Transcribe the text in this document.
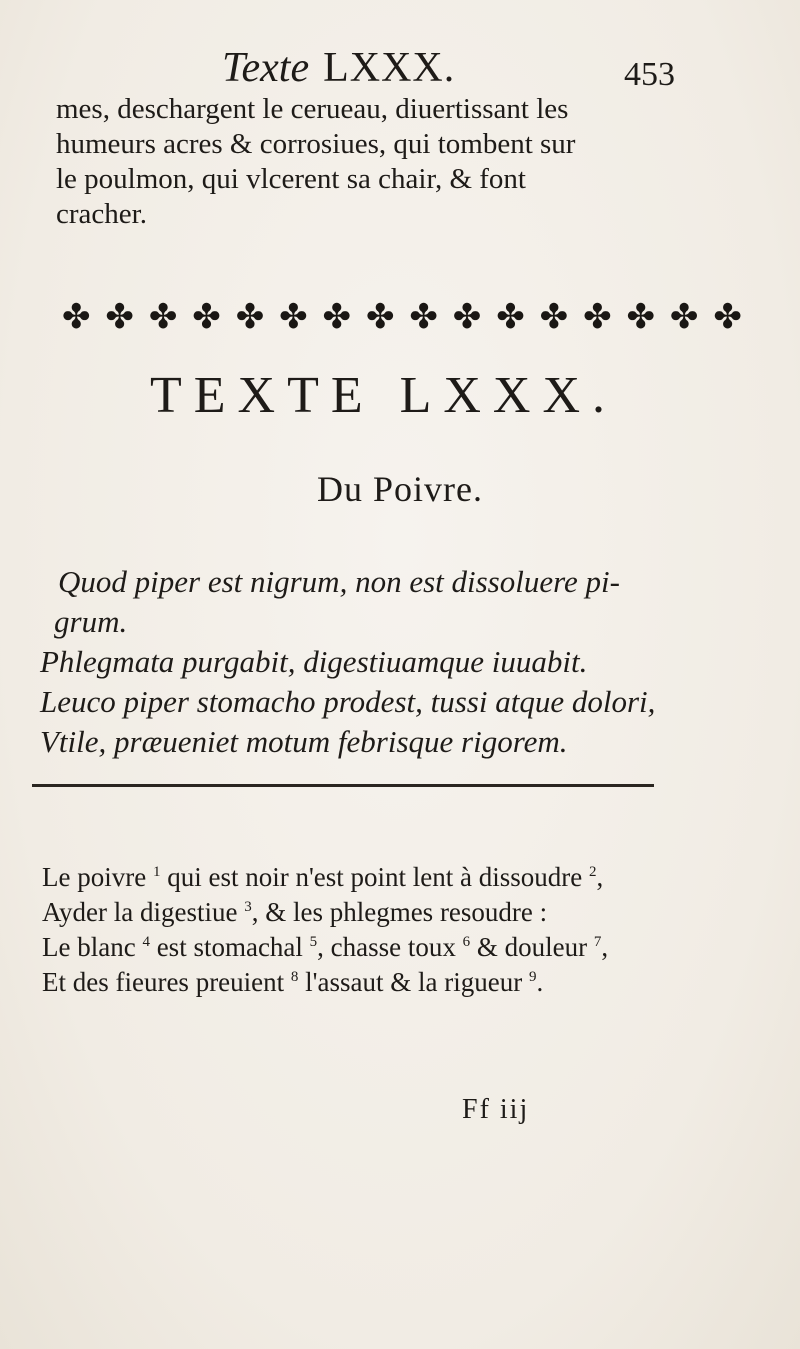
Texte LXXX.	453
mes, deschargent le cerueau, diuertissant les
humeurs acres & corrosiues, qui tombent sur
le poulmon, qui vlcerent sa chair, & font
cracher.
✤ ✤ ✤ ✤ ✤ ✤ ✤ ✤ ✤ ✤ ✤ ✤ ✤ ✤ ✤ ✤
TEXTE LXXX.
Du Poivre.
Quod piper est nigrum, non est dissoluere pi-
grum.
Phlegmata purgabit, digestiuamque iuuabit.
Leuco piper stomacho prodest, tussi atque dolori,
Vtile, præueniet motum febrisque rigorem.
Le poivre $^1$ qui est noir n'est point lent à dissoudre $^2$,
Ayder la digestiue $^3$, & les phlegmes resoudre :
Le blanc $^4$ est stomachal $^5$, chasse toux $^6$ & douleur $^7$,
Et des fieures preuient $^8$ l'assaut & la rigueur $^9$.
Ff iij
